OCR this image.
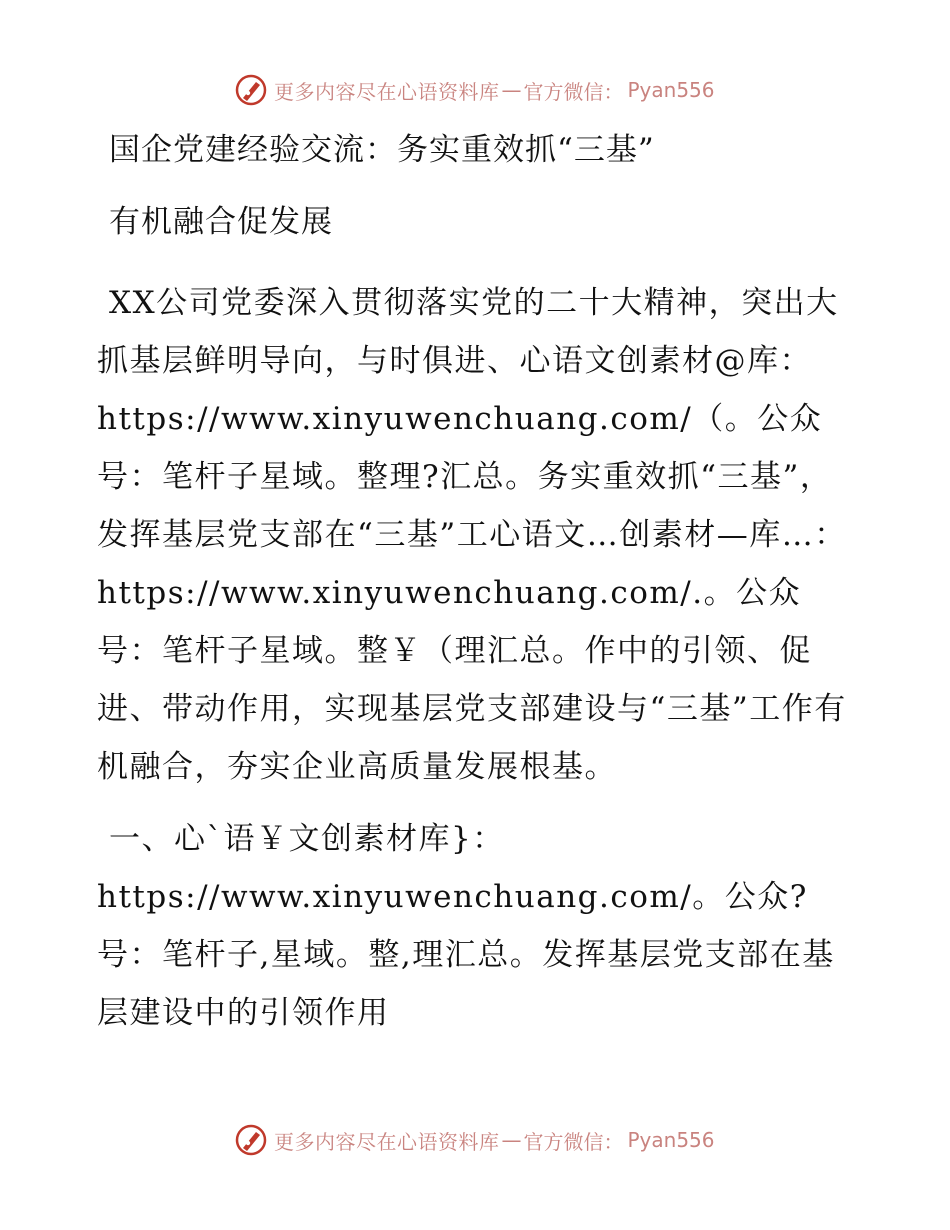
更多内容尽在心语资料库 — 官方微信： Pyan556

国企党建经验交流：务实重效抓“三基”

有机融合促发展

XX公司党委深入贯彻落实党的二十大精神，突出大抓基层鲜明导向，与时俱进、心语文创素材@库：https://www.xinyuwenchuang.com/（。公众号：笔杆子星域。整理?汇总。务实重效抓“三基”，发挥基层党支部在“三基”工心语文…创素材—库…：https://www.xinyuwenchuang.com/.。公众号：笔杆子星域。整￥（理汇总。作中的引领、促进、带动作用，实现基层党支部建设与“三基”工作有机融合，夯实企业高质量发展根基。

一、心`语￥文创素材库}：https://www.xinyuwenchuang.com/。公众?号：笔杆子,星域。整,理汇总。发挥基层党支部在基层建设中的引领作用

更多内容尽在心语资料库 — 官方微信： Pyan556
